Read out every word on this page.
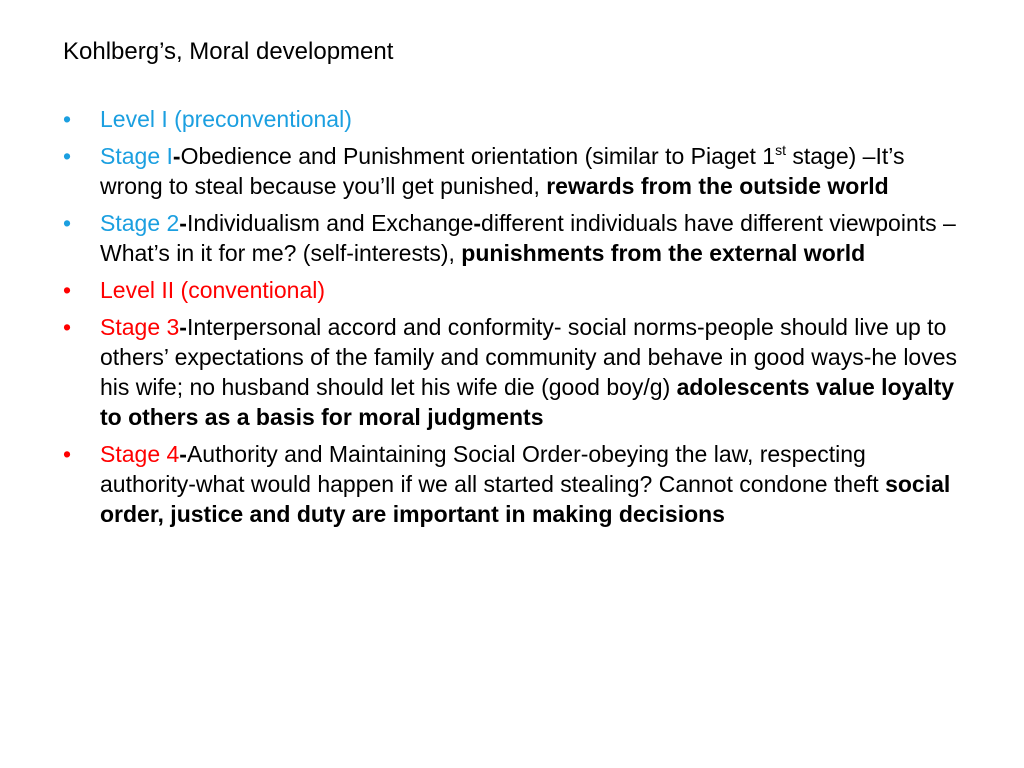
Kohlberg’s, Moral development
•	Level I (preconventional)
•	Stage I-Obedience and Punishment orientation (similar to Piaget 1st stage) –It’s wrong to steal because you’ll get punished, rewards from the outside world
•	Stage 2-Individualism and Exchange-different individuals have different viewpoints –What’s in it for me? (self-interests), punishments from the external world
•	Level II (conventional)
•	Stage 3-Interpersonal accord and conformity- social norms-people should live up to others’ expectations of the family and community and behave in good ways-he loves his wife; no husband should let his wife die (good boy/g) adolescents value loyalty to others as a basis for moral judgments
•	Stage 4-Authority and Maintaining Social Order-obeying the law, respecting authority-what would happen if we all started stealing? Cannot condone theft social order, justice and duty are important in making decisions
